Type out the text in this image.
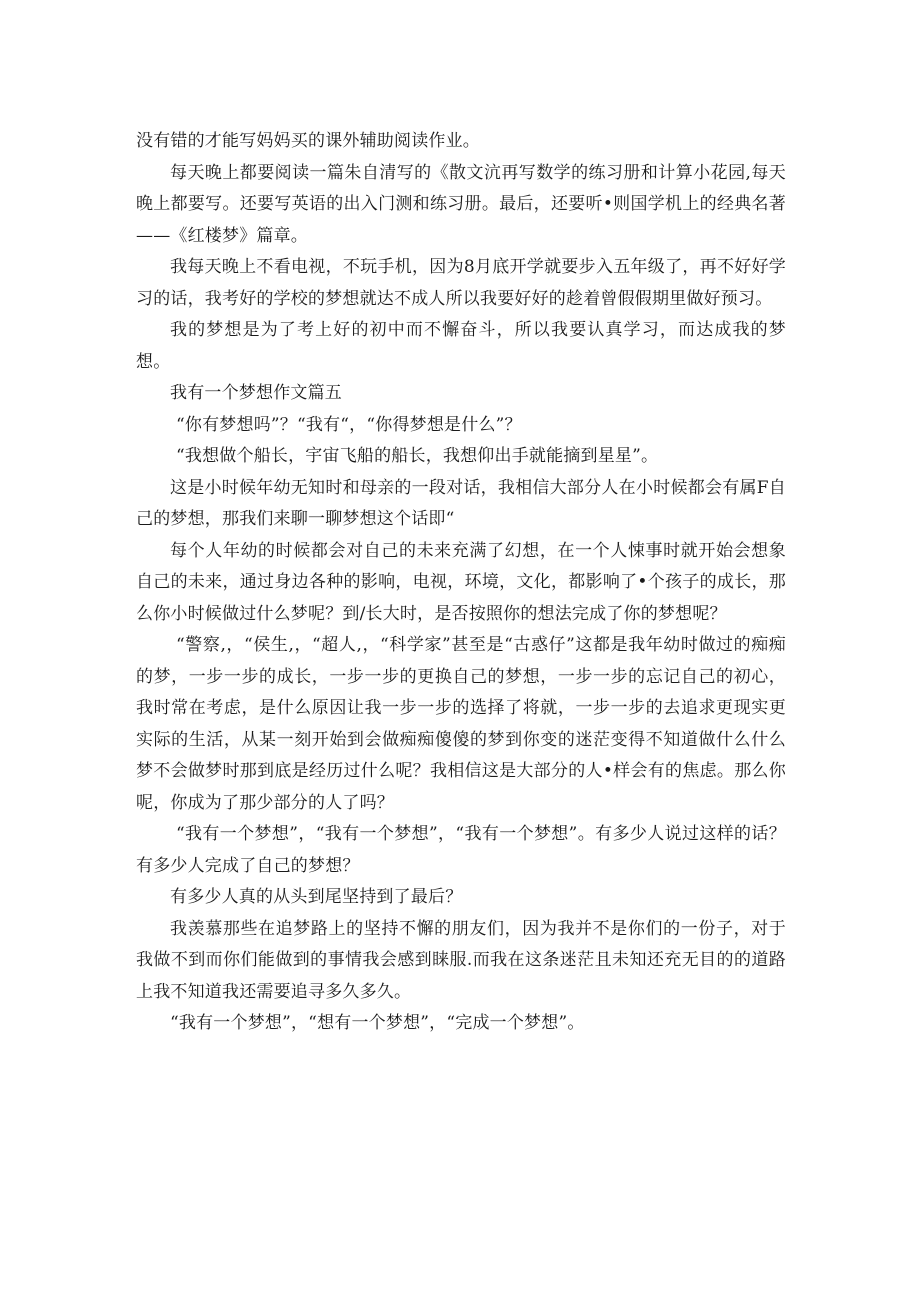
没有错的才能写妈妈买的课外辅助阅读作业。

每天晚上都要阅读一篇朱自清写的《散文沆再写数学的练习册和计算小花园,每天晚上都要写。还要写英语的出入门测和练习册。最后，还要听•则国学机上的经典名著——《红楼梦》篇章。

我每天晚上不看电视，不玩手机，因为8月底开学就要步入五年级了，再不好好学习的话，我考好的学校的梦想就达不成人所以我要好好的趁着曾假假期里做好预习。

我的梦想是为了考上好的初中而不懈奋斗，所以我要认真学习，而达成我的梦想。

我有一个梦想作文篇五

“你有梦想吗”？“我有“，“你得梦想是什么”？

“我想做个船长，宇宙飞船的船长，我想仰出手就能摘到星星”。

这是小时候年幼无知时和母亲的一段对话，我相信大部分人在小时候都会有属F自己的梦想，那我们来聊一聊梦想这个话即“

每个人年幼的时候都会对自己的未来充满了幻想，在一个人悚事时就开始会想象自己的未来，通过身边各种的影响，电视，环境，文化，都影响了•个孩子的成长，那么你小时候做过什么梦呢？到/长大时，是否按照你的想法完成了你的梦想呢？

“警察,，“侯生,，“超人,，“科学家”甚至是“古惑仔”这都是我年幼时做过的痴痴的梦，一步一步的成长，一步一步的更换自己的梦想，一步一步的忘记自己的初心，我时常在考虑，是什么原因让我一步一步的选择了将就，一步一步的去追求更现实更实际的生活，从某一刻开始到会做痴痴傻傻的梦到你变的迷茫变得不知道做什么什么梦不会做梦时那到底是经历过什么呢？我相信这是大部分的人•样会有的焦虑。那么你呢，你成为了那少部分的人了吗？

“我有一个梦想”，“我有一个梦想”，“我有一个梦想”。有多少人说过这样的话？有多少人完成了自己的梦想？

有多少人真的从头到尾坚持到了最后？

我羡慕那些在追梦路上的坚持不懈的朋友们，因为我并不是你们的一份子，对于我做不到而你们能做到的事情我会感到睐服.而我在这条迷茫且未知还充无目的的道路上我不知道我还需要追寻多久多久。

“我有一个梦想”，“想有一个梦想”，“完成一个梦想”。
